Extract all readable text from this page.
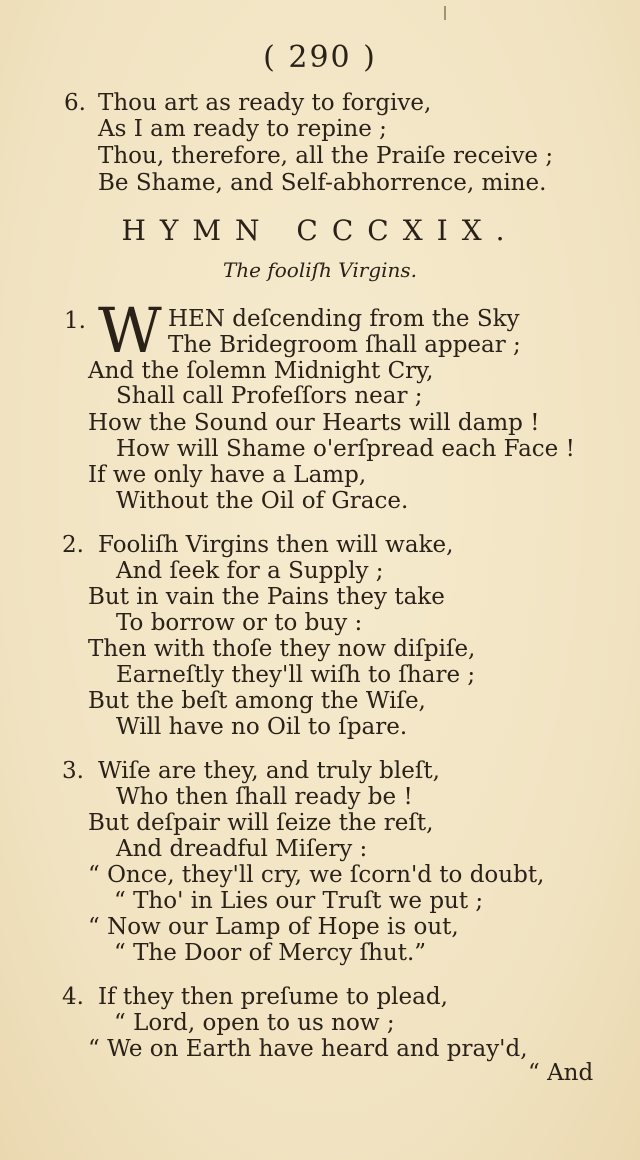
( 290 )
6. Thou art as ready to forgive,
As I am ready to repine ;
Thou, therefore, all the Praiſe receive ;
Be Shame, and Self-abhorrence, mine.
HYMN CCCXIX.
The fooliſh Virgins.
1. W HEN deſcending from the Sky
The Bridegroom ſhall appear ;
And the ſolemn Midnight Cry,
Shall call Profeſſors near ;
How the Sound our Hearts will damp !
How will Shame o'erſpread each Face !
If we only have a Lamp,
Without the Oil of Grace.
2. Fooliſh Virgins then will wake,
And ſeek for a Supply ;
But in vain the Pains they take
To borrow or to buy :
Then with thoſe they now diſpiſe,
Earneſtly they'll wiſh to ſhare ;
But the beſt among the Wiſe,
Will have no Oil to ſpare.
3. Wiſe are they, and truly bleſt,
Who then ſhall ready be !
But deſpair will ſeize the reſt,
And dreadful Miſery :
“ Once, they'll cry, we ſcorn'd to doubt,
“ Tho' in Lies our Truſt we put ;
“ Now our Lamp of Hope is out,
“ The Door of Mercy ſhut.”
4. If they then preſume to plead,
“ Lord, open to us now ;
“ We on Earth have heard and pray'd,
“ And
